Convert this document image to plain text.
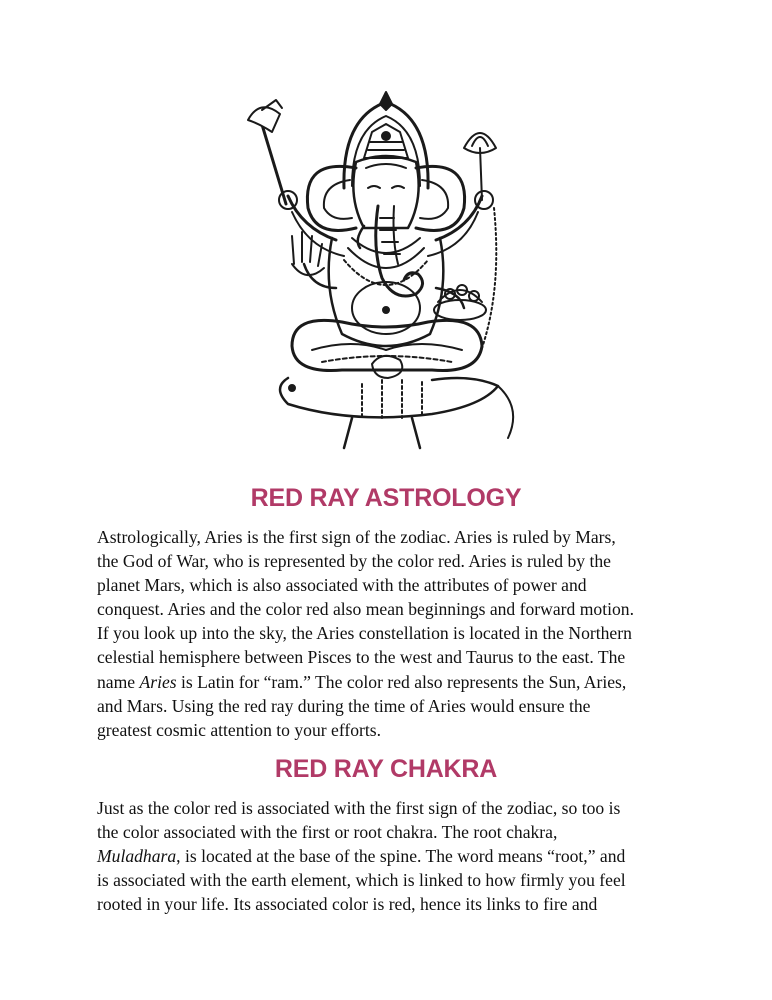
RED RAY ASTROLOGY
Astrologically, Aries is the first sign of the zodiac. Aries is ruled by Mars,
the God of War, who is represented by the color red. Aries is ruled by the
planet Mars, which is also associated with the attributes of power and
conquest. Aries and the color red also mean beginnings and forward motion.
If you look up into the sky, the Aries constellation is located in the Northern
celestial hemisphere between Pisces to the west and Taurus to the east. The
name Aries is Latin for “ram.” The color red also represents the Sun, Aries,
and Mars. Using the red ray during the time of Aries would ensure the
greatest cosmic attention to your efforts.
RED RAY CHAKRA
Just as the color red is associated with the first sign of the zodiac, so too is
the color associated with the first or root chakra. The root chakra,
Muladhara, is located at the base of the spine. The word means “root,” and
is associated with the earth element, which is linked to how firmly you feel
rooted in your life. Its associated color is red, hence its links to fire and
